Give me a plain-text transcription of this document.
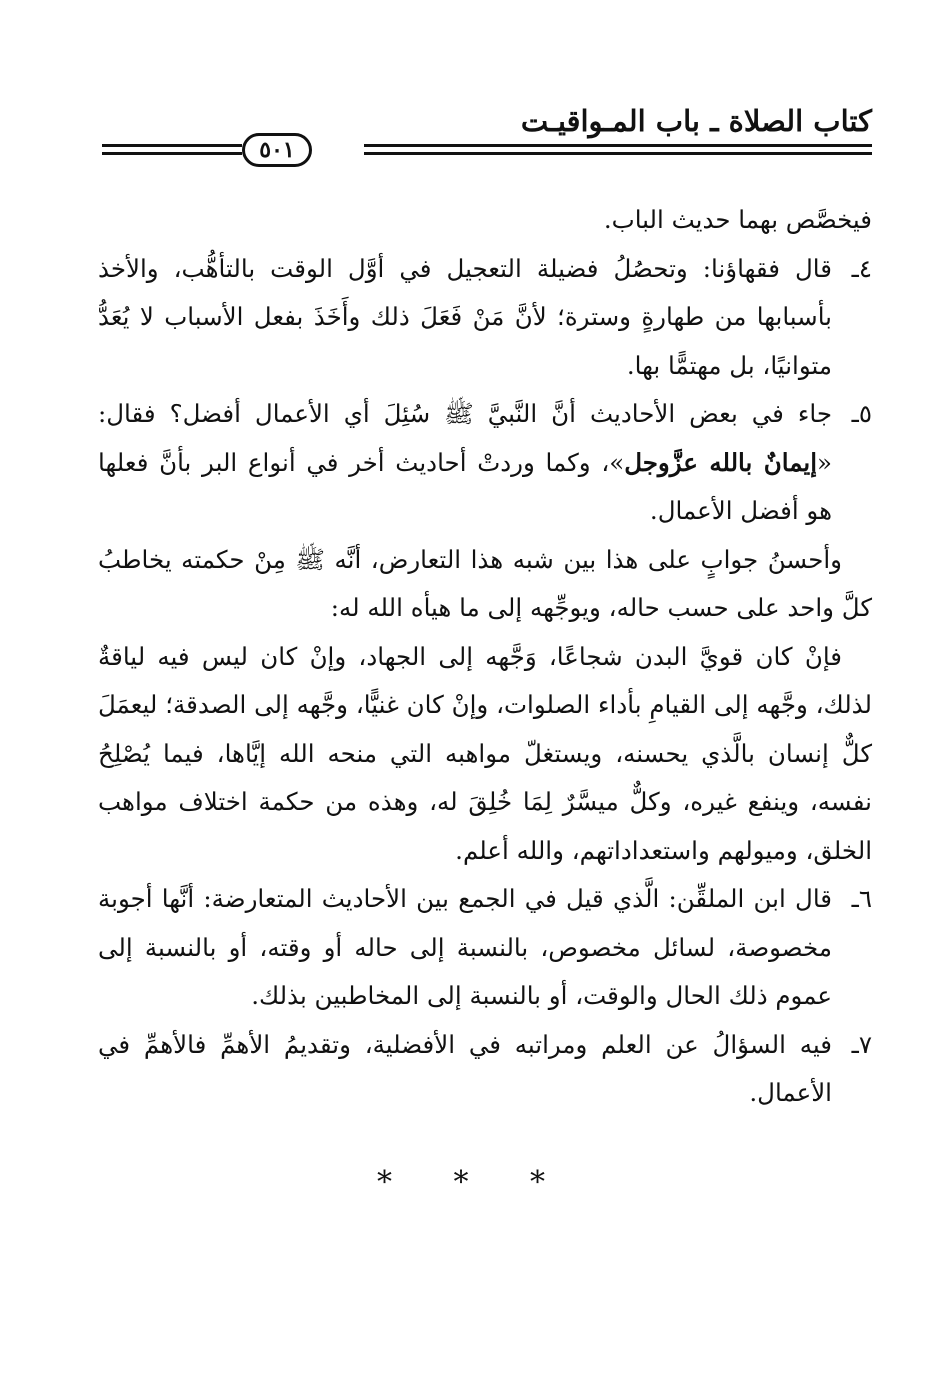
كتاب الصلاة ـ باب المـواقيـت
٥٠١

فيخصَّص بهما حديث الباب.

٤ـ
قال فقهاؤنا: وتحصُلُ فضيلة التعجيل في أوَّل الوقت بالتأهُّب، والأخذ بأسبابها من طهارةٍ وسترة؛ لأنَّ مَنْ فَعَلَ ذلك وأَخَذَ بفعل الأسباب لا يُعَدُّ متوانيًا، بل مهتمًّا بها.
٥ـ
جاء في بعض الأحاديث أنَّ النَّبيَّ ﷺ سُئِلَ أي الأعمال أفضل؟ فقال: «إيمانٌ بالله عزَّوجل»، وكما وردتْ أحاديث أخر في أنواع البر بأنَّ فعلها هو أفضل الأعمال.

وأحسنُ جوابٍ على هذا بين شبه هذا التعارض، أنَّه ﷺ مِنْ حكمته يخاطبُ كلَّ واحد على حسب حاله، ويوجِّهه إلى ما هيأه الله له:

فإنْ كان قويَّ البدن شجاعًا، وَجَّهه إلى الجهاد، وإنْ كان ليس فيه لياقةٌ لذلك، وجَّهه إلى القيامِ بأداء الصلوات، وإنْ كان غنيًّا، وجَّهه إلى الصدقة؛ ليعمَلَ كلٌّ إنسان بالَّذي يحسنه، ويستغلّ مواهبه التي منحه الله إيَّاها، فيما يُصْلِحُ نفسه، وينفع غيره، وكلٌّ ميسَّرٌ لِمَا خُلِقَ له، وهذه من حكمة اختلاف مواهب الخلق، وميولهم واستعداداتهم، والله أعلم.

٦ـ
قال ابن الملقِّن: الَّذي قيل في الجمع بين الأحاديث المتعارضة: أنَّها أجوبة مخصوصة، لسائل مخصوص، بالنسبة إلى حاله أو وقته، أو بالنسبة إلى عموم ذلك الحال والوقت، أو بالنسبة إلى المخاطبين بذلك.
٧ـ
فيه السؤالُ عن العلم ومراتبه في الأفضلية، وتقديمُ الأهمِّ فالأهمِّ في الأعمال.
* * *
